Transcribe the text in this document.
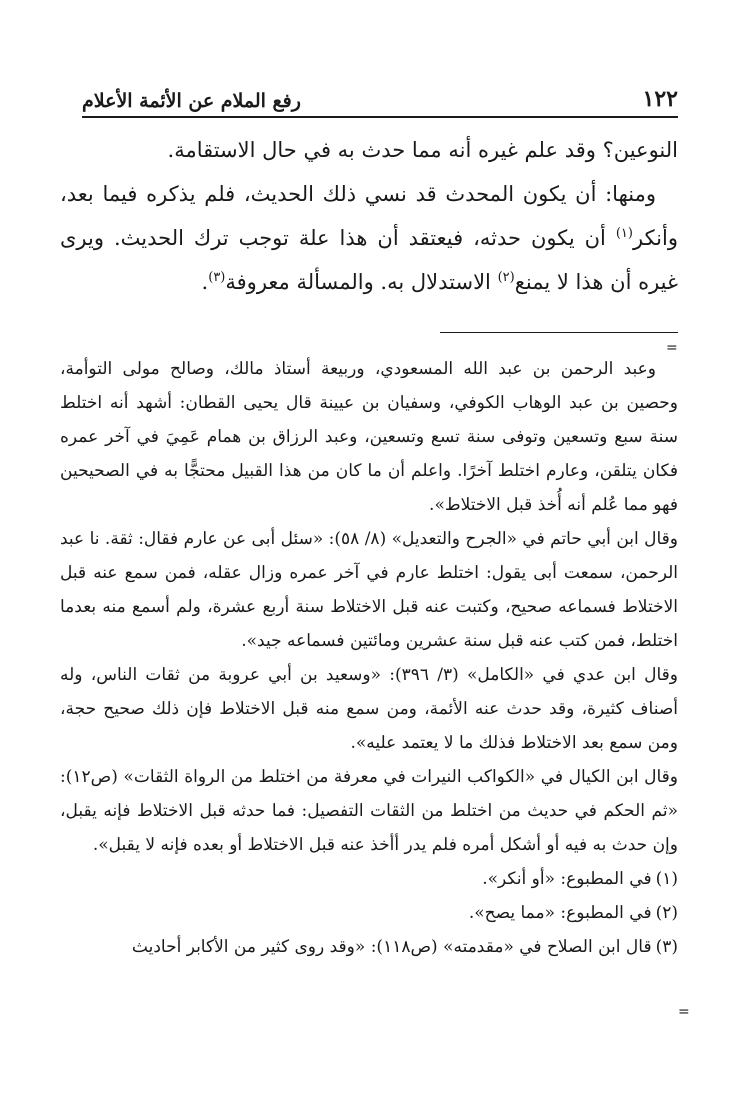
١٢٢
رفع الملام عن الأئمة الأعلام

النوعين؟ وقد علم غيره أنه مما حدث به في حال الاستقامة.

ومنها: أن يكون المحدث قد نسي ذلك الحديث، فلم يذكره فيما بعد، وأنكر$^{(١)}$ أن يكون حدثه، فيعتقد أن هذا علة توجب ترك الحديث. ويرى غيره أن هذا لا يمنع$^{(٢)}$ الاستدلال به. والمسألة معروفة$^{(٣)}$.

=

وعبد الرحمن بن عبد الله المسعودي، وربيعة أستاذ مالك، وصالح مولى التوأمة، وحصين بن عبد الوهاب الكوفي، وسفيان بن عيينة قال يحيى القطان: أشهد أنه اختلط سنة سبع وتسعين وتوفى سنة تسع وتسعين، وعبد الرزاق بن همام عَمِيَ في آخر عمره فكان يتلقن، وعارم اختلط آخرًا. واعلم أن ما كان من هذا القبيل محتجًّا به في الصحيحين فهو مما عُلم أنه أُخذ قبل الاختلاط».

وقال ابن أبي حاتم في «الجرح والتعديل» (٨/ ٥٨): «سئل أبى عن عارم فقال: ثقة. نا عبد الرحمن، سمعت أبى يقول: اختلط عارم في آخر عمره وزال عقله، فمن سمع عنه قبل الاختلاط فسماعه صحيح، وكتبت عنه قبل الاختلاط سنة أربع عشرة، ولم أسمع منه بعدما اختلط، فمن كتب عنه قبل سنة عشرين ومائتين فسماعه جيد».

وقال ابن عدي في «الكامل» (٣/ ٣٩٦): «وسعيد بن أبي عروبة من ثقات الناس، وله أصناف كثيرة، وقد حدث عنه الأئمة، ومن سمع منه قبل الاختلاط فإن ذلك صحيح حجة، ومن سمع بعد الاختلاط فذلك ما لا يعتمد عليه».

وقال ابن الكيال في «الكواكب النيرات في معرفة من اختلط من الرواة الثقات» (ص١٢): «ثم الحكم في حديث من اختلط من الثقات التفصيل: فما حدثه قبل الاختلاط فإنه يقبل، وإن حدث به فيه أو أشكل أمره فلم يدر أأخذ عنه قبل الاختلاط أو بعده فإنه لا يقبل».

(١)في المطبوع: «أو أنكر».

(٢)في المطبوع: «مما يصح».

(٣)قال ابن الصلاح في «مقدمته» (ص١١٨): «وقد روى كثير من الأكابر أحاديث

=
